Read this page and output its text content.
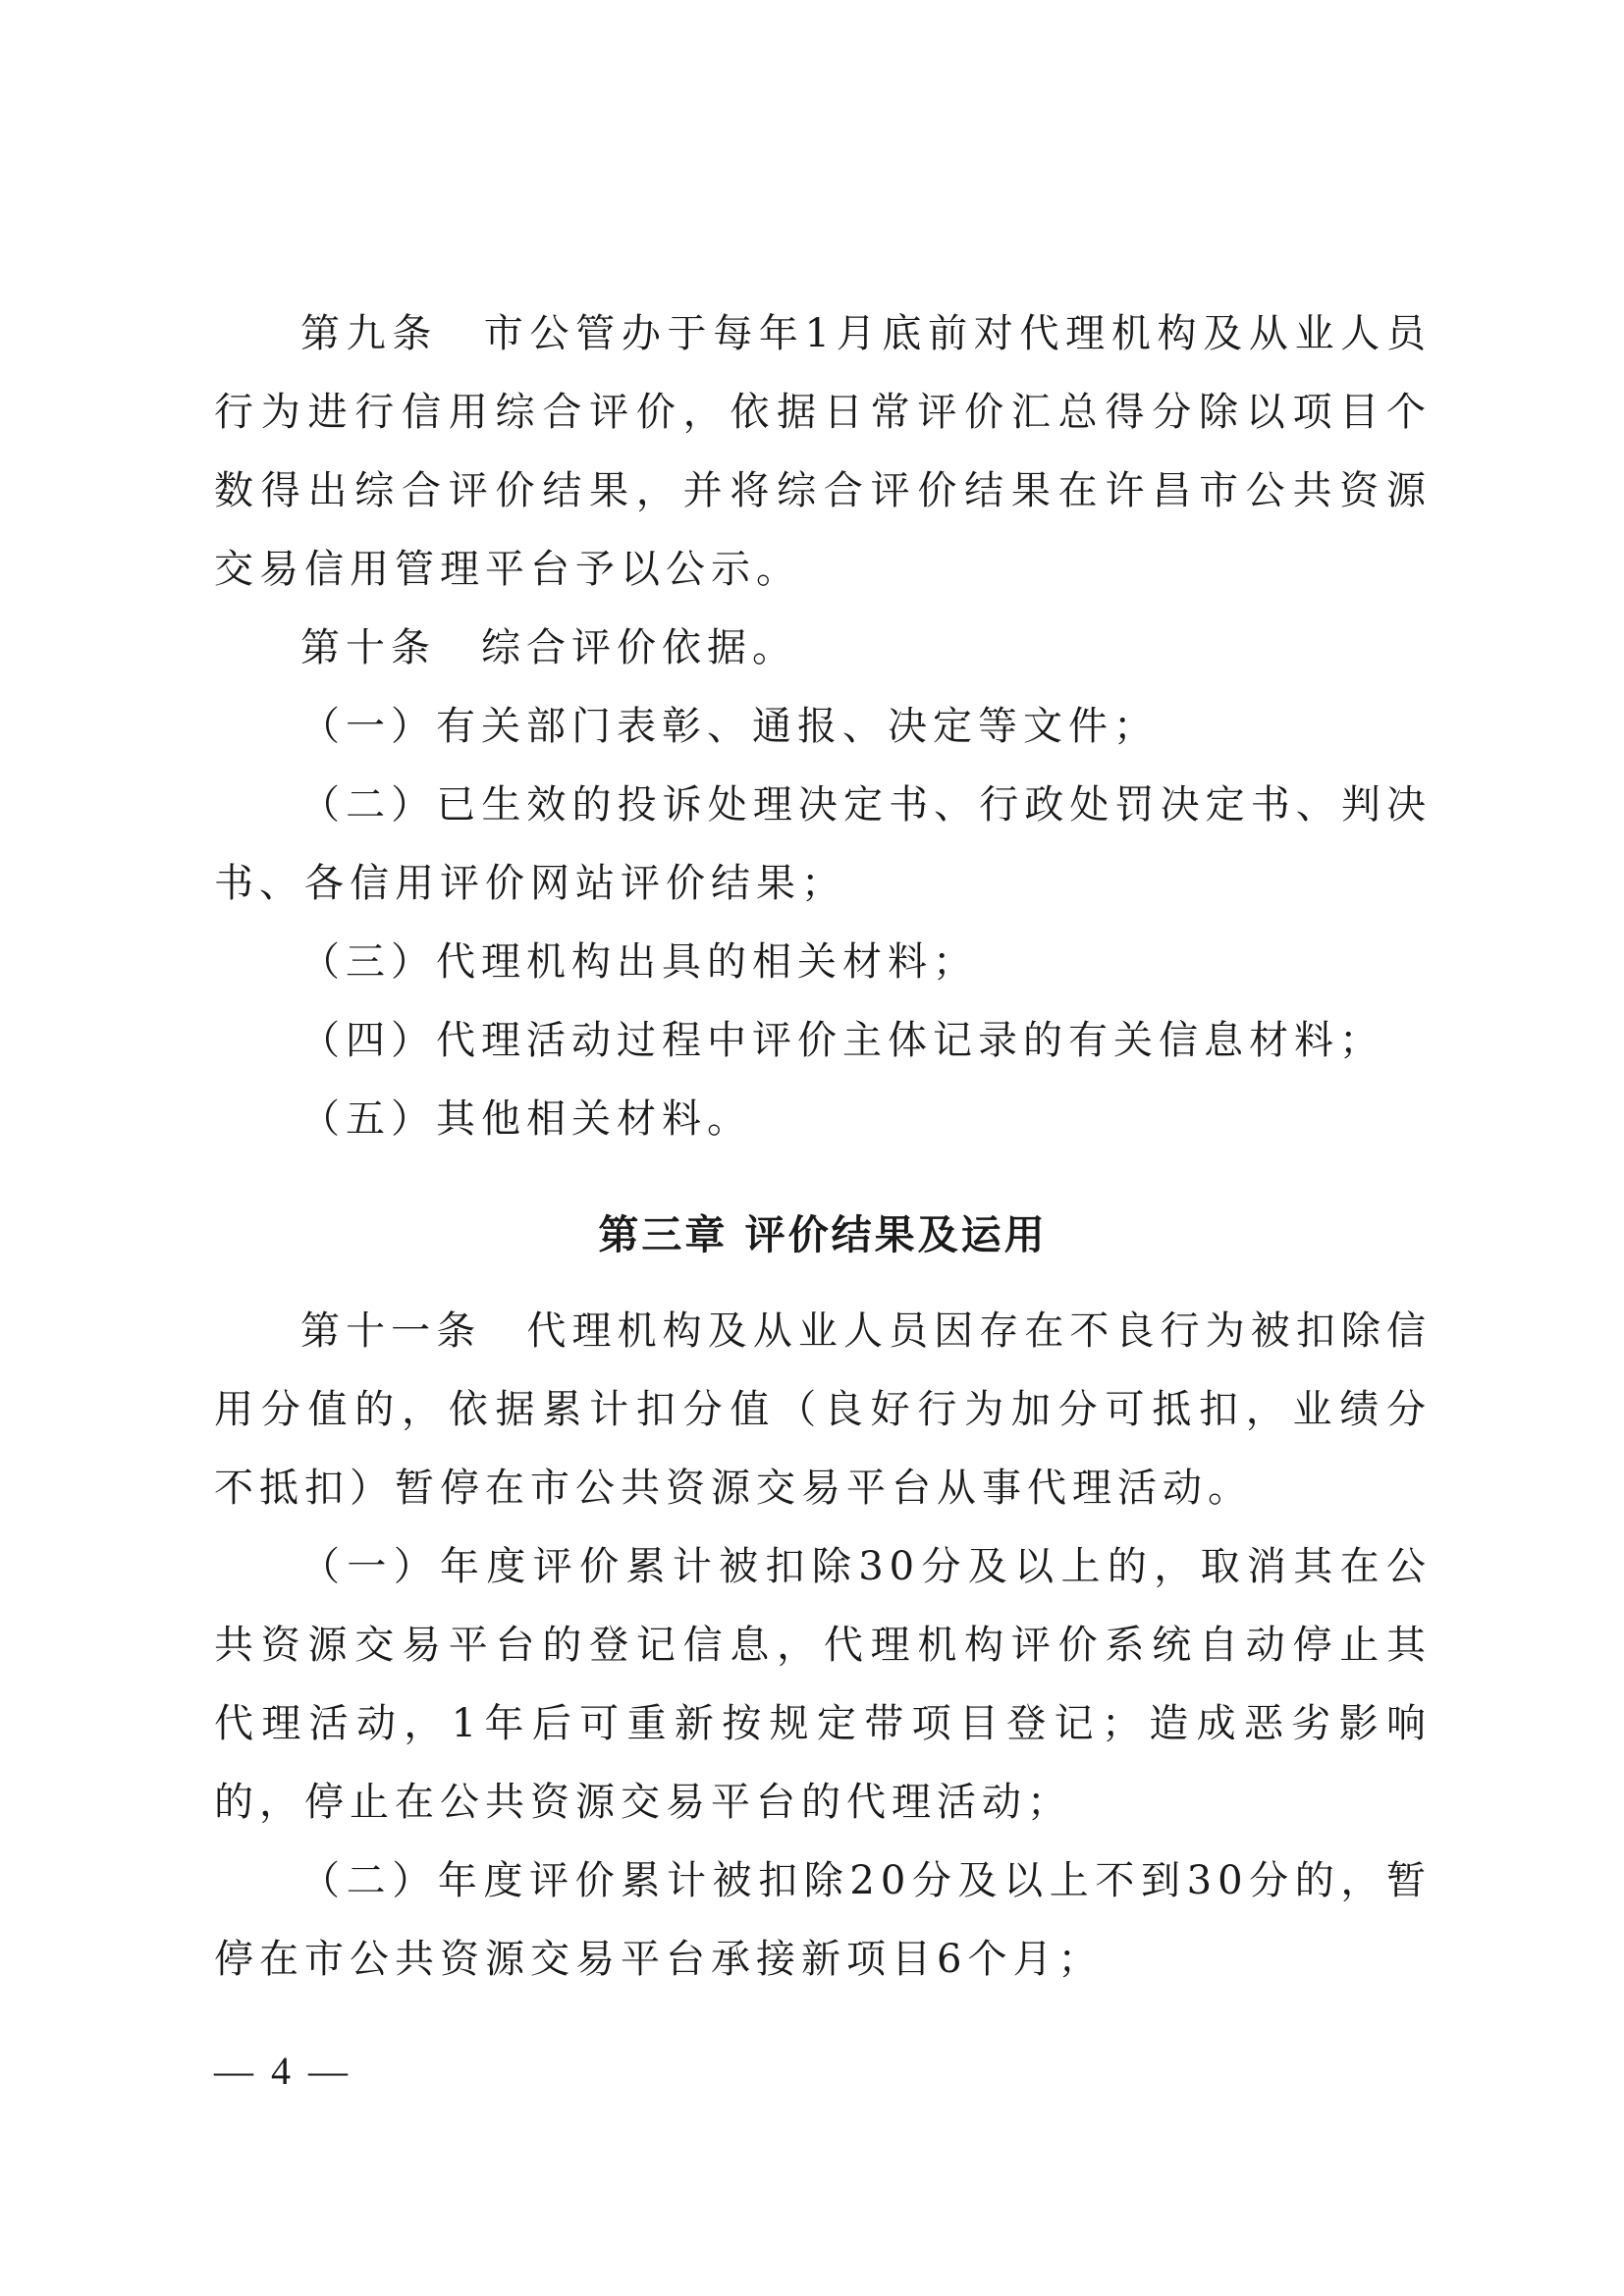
第九条　市公管办于每年1月底前对代理机构及从业人员行为进行信用综合评价，依据日常评价汇总得分除以项目个数得出综合评价结果，并将综合评价结果在许昌市公共资源交易信用管理平台予以公示。

第十条　综合评价依据。

（一）有关部门表彰、通报、决定等文件；

（二）已生效的投诉处理决定书、行政处罚决定书、判决书、各信用评价网站评价结果；

（三）代理机构出具的相关材料；

（四）代理活动过程中评价主体记录的有关信息材料；

（五）其他相关材料。

第三章 评价结果及运用

第十一条　代理机构及从业人员因存在不良行为被扣除信用分值的，依据累计扣分值（良好行为加分可抵扣，业绩分不抵扣）暂停在市公共资源交易平台从事代理活动。

（一）年度评价累计被扣除30分及以上的，取消其在公共资源交易平台的登记信息，代理机构评价系统自动停止其代理活动，1年后可重新按规定带项目登记；造成恶劣影响的，停止在公共资源交易平台的代理活动；

（二）年度评价累计被扣除20分及以上不到30分的，暂停在市公共资源交易平台承接新项目6个月；

— 4 —
